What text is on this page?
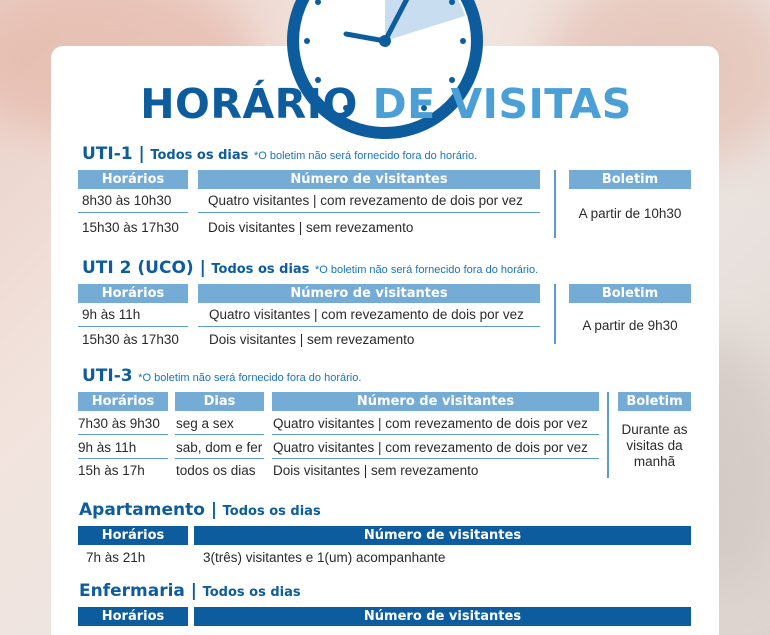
HORÁRIO DE VISITAS
UTI-1 | Todos os dias *O boletim não será fornecido fora do horário.
Horários	Número de visitantes	Boletim
8h30 às 10h30	Quatro visitantes | com revezamento de dois por vez
15h30 às 17h30 Dois visitantes | sem revezamento
A partir de 10h30
UTI 2 (UCO) | Todos os dias *O boletim não será fornecido fora do horário.
Horários	Número de visitantes	Boletim
9h às 11h	Quatro visitantes | com revezamento de dois por vez
15h30 às 17h30 Dois visitantes | sem revezamento
A partir de 9h30
UTI-3 *O boletim não será fornecido fora do horário.
Horários	Dias	Número de visitantes	Boletim
7h30 às 9h30 seg a sex	Quatro visitantes | com revezamento de dois por vez
9h às 11h	sab, dom e fer Quatro visitantes | com revezamento de dois por vez
15h às 17h todos os dias Dois visitantes | sem revezamento
Durante as
visitas da
manhã
Apartamento | Todos os dias
Horários	Número de visitantes
7h às 21h	3(três) visitantes e 1(um) acompanhante
Enfermaria | Todos os dias
Horários	Número de visitantes
